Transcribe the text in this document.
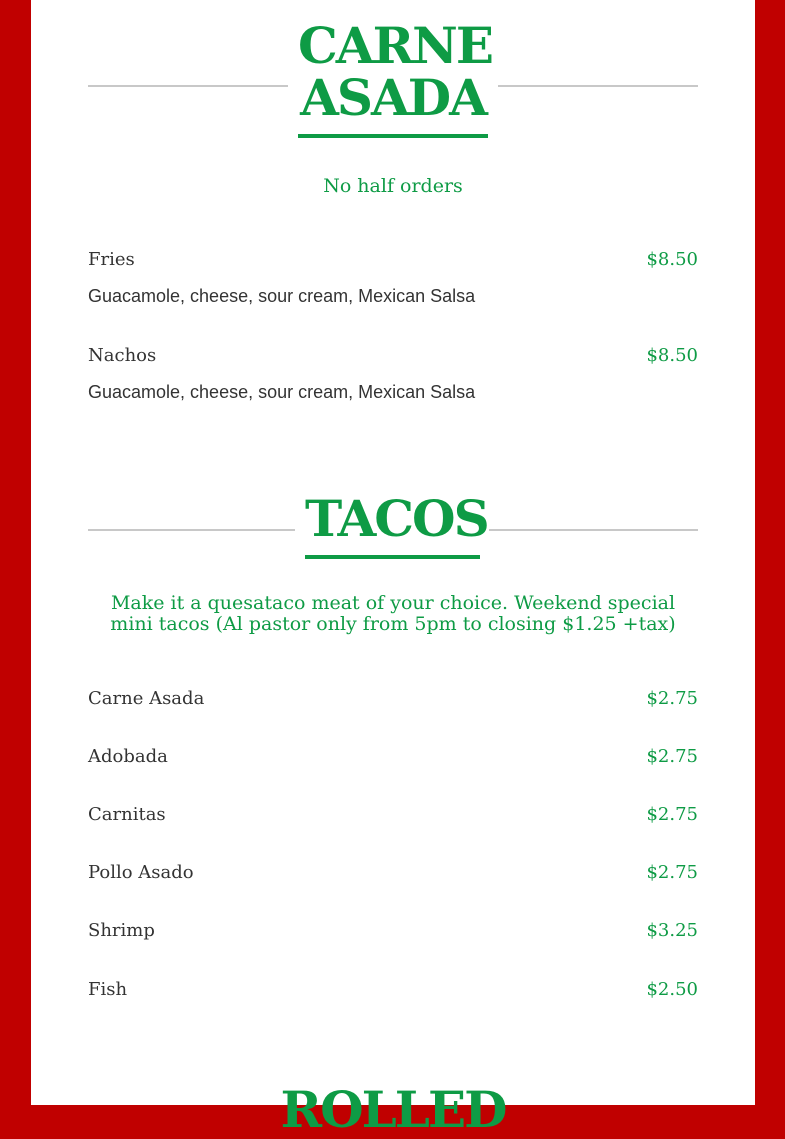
CARNE
ASADA
No half orders
Fries	$8.50
Guacamole, cheese, sour cream, Mexican Salsa
Nachos	$8.50
Guacamole, cheese, sour cream, Mexican Salsa
TACOS
Make it a quesataco meat of your choice. Weekend special
mini tacos (Al pastor only from 5pm to closing $1.25 +tax)
Carne Asada	$2.75
Adobada	$2.75
Carnitas	$2.75
Pollo Asado	$2.75
Shrimp	$3.25
Fish	$2.50
ROLLED
